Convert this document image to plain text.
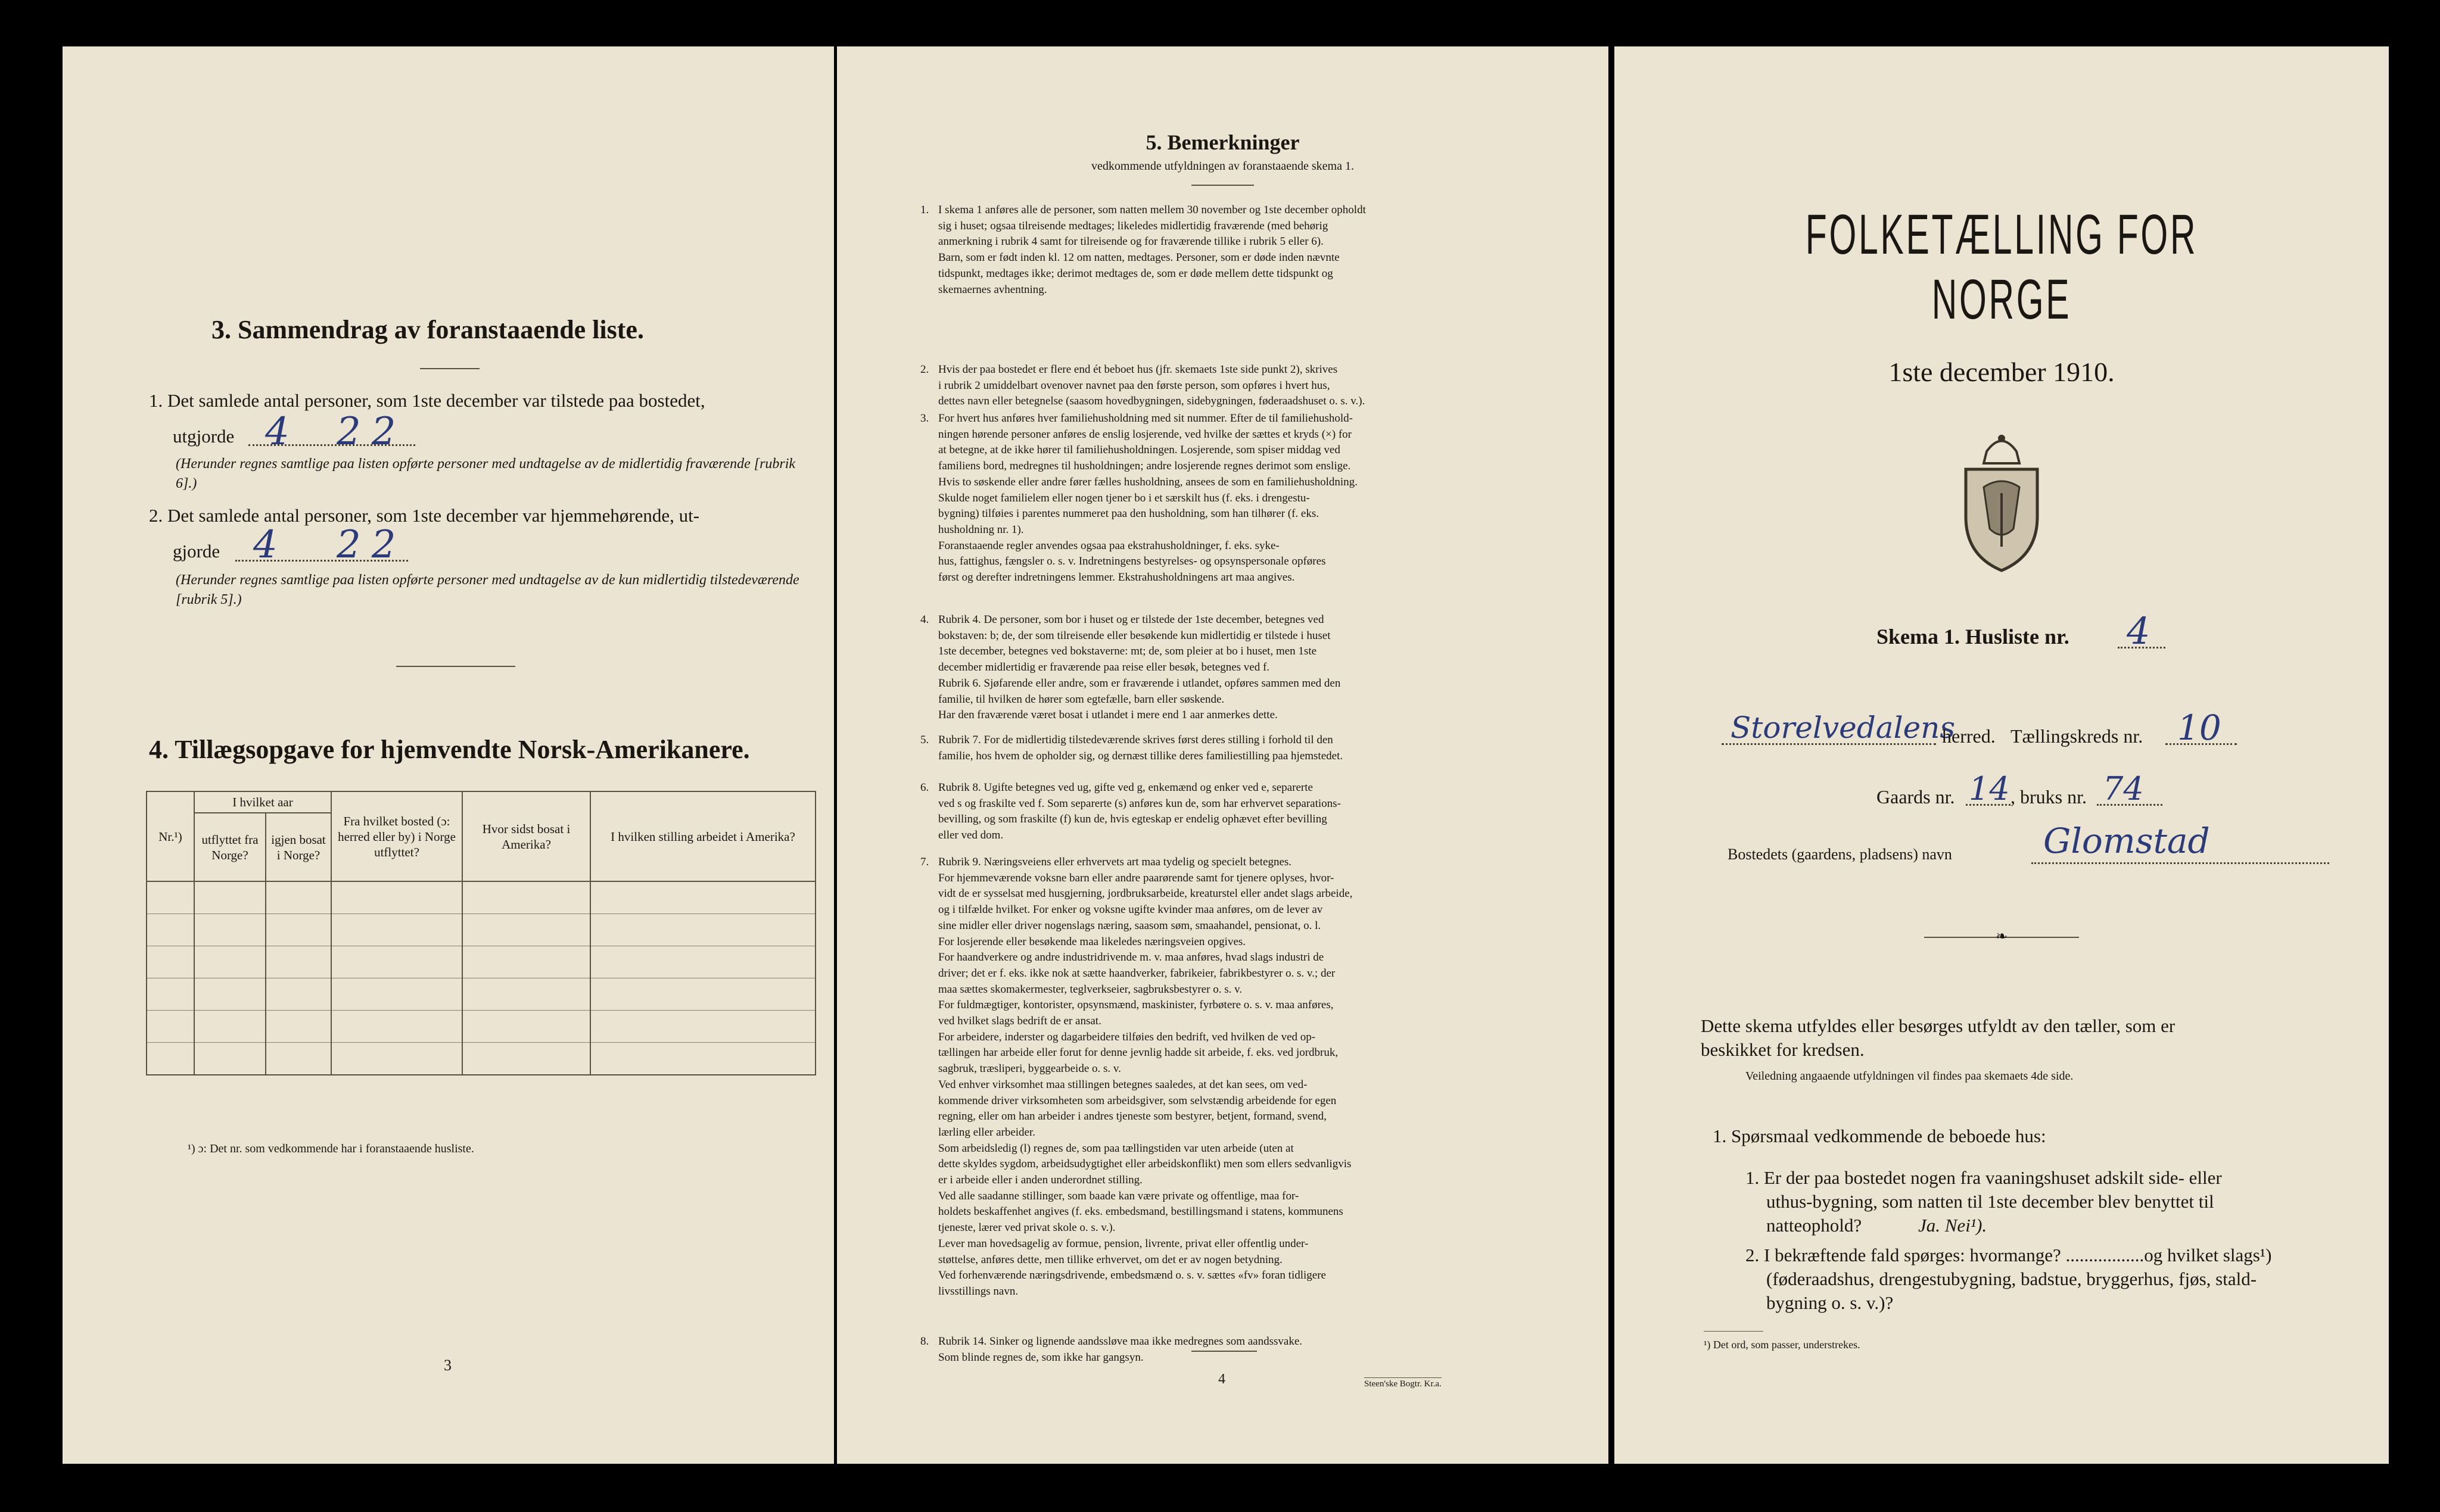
3. Sammendrag av foranstaaende liste.
1. Det samlede antal personer, som 1ste december var tilstede paa bostedet,
utgjorde 4 22
(Herunder regnes samtlige paa listen opførte personer med undtagelse av de midlertidig fraværende [rubrik 6].)
2. Det samlede antal personer, som 1ste december var hjemmehørende, ut-
gjorde 4 22
(Herunder regnes samtlige paa listen opførte personer med undtagelse av de kun midlertidig tilstedeværende [rubrik 5].)
4. Tillægsopgave for hjemvendte Norsk-Amerikanere.
Nr.¹)	I hvilket aar		Fra hvilket bosted (ɔ: herred eller by) i Norge utflyttet?	Hvor sidst bosat i Amerika?	I hvilken stilling arbeidet i Amerika?
	utflyttet fra Norge?	igjen bosat i Norge?			

¹) ɔ: Det nr. som vedkommende har i foranstaaende husliste.
3
5. Bemerkninger
vedkommende utfyldningen av foranstaaende skema 1.
1. I skema 1 anføres alle de personer, som natten mellem 30 november og 1ste december opholdt
sig i huset; ogsaa tilreisende medtages; likeledes midlertidig fraværende (med behørig
anmerkning i rubrik 4 samt for tilreisende og for fraværende tillike i rubrik 5 eller 6).
Barn, som er født inden kl. 12 om natten, medtages. Personer, som er døde inden nævnte
tidspunkt, medtages ikke; derimot medtages de, som er døde mellem dette tidspunkt og
skemaernes avhentning.
2. Hvis der paa bostedet er flere end ét beboet hus (jfr. skemaets 1ste side punkt 2), skrives
i rubrik 2 umiddelbart ovenover navnet paa den første person, som opføres i hvert hus,
dettes navn eller betegnelse (saasom hovedbygningen, sidebygningen, føderaadshuset o. s. v.).
3. For hvert hus anføres hver familiehusholdning med sit nummer. Efter de til familiehushold-
ningen hørende personer anføres de enslig losjerende, ved hvilke der sættes et kryds (×) for
at betegne, at de ikke hører til familiehusholdningen. Losjerende, som spiser middag ved
familiens bord, medregnes til husholdningen; andre losjerende regnes derimot som enslige.
Hvis to søskende eller andre fører fælles husholdning, ansees de som en familiehusholdning.
Skulde noget familielem eller nogen tjener bo i et særskilt hus (f. eks. i drengestu-
bygning) tilføies i parentes nummeret paa den husholdning, som han tilhører (f. eks.
husholdning nr. 1).
Foranstaaende regler anvendes ogsaa paa ekstrahusholdninger, f. eks. syke-
hus, fattighus, fængsler o. s. v. Indretningens bestyrelses- og opsynspersonale opføres
først og derefter indretningens lemmer. Ekstrahusholdningens art maa angives.
4. Rubrik 4. De personer, som bor i huset og er tilstede der 1ste december, betegnes ved
bokstaven: b; de, der som tilreisende eller besøkende kun midlertidig er tilstede i huset
1ste december, betegnes ved bokstaverne: mt; de, som pleier at bo i huset, men 1ste
december midlertidig er fraværende paa reise eller besøk, betegnes ved f.
Rubrik 6. Sjøfarende eller andre, som er fraværende i utlandet, opføres sammen med den
familie, til hvilken de hører som egtefælle, barn eller søskende.
Har den fraværende været bosat i utlandet i mere end 1 aar anmerkes dette.
5. Rubrik 7. For de midlertidig tilstedeværende skrives først deres stilling i forhold til den
familie, hos hvem de opholder sig, og dernæst tillike deres familiestilling paa hjemstedet.
6. Rubrik 8. Ugifte betegnes ved ug, gifte ved g, enkemænd og enker ved e, separerte
ved s og fraskilte ved f. Som separerte (s) anføres kun de, som har erhvervet separations-
bevilling, og som fraskilte (f) kun de, hvis egteskap er endelig ophævet efter bevilling
eller ved dom.
7. Rubrik 9. Næringsveiens eller erhvervets art maa tydelig og specielt betegnes.
For hjemmeværende voksne barn eller andre paarørende samt for tjenere oplyses, hvor-
vidt de er sysselsat med husgjerning, jordbruksarbeide, kreaturstel eller andet slags arbeide,
og i tilfælde hvilket. For enker og voksne ugifte kvinder maa anføres, om de lever av
sine midler eller driver nogenslags næring, saasom søm, smaahandel, pensionat, o. l.
For losjerende eller besøkende maa likeledes næringsveien opgives.
For haandverkere og andre industridrivende m. v. maa anføres, hvad slags industri de
driver; det er f. eks. ikke nok at sætte haandverker, fabrikeier, fabrikbestyrer o. s. v.; der
maa sættes skomakermester, teglverkseier, sagbruksbestyrer o. s. v.
For fuldmægtiger, kontorister, opsynsmænd, maskinister, fyrbøtere o. s. v. maa anføres,
ved hvilket slags bedrift de er ansat.
For arbeidere, inderster og dagarbeidere tilføies den bedrift, ved hvilken de ved op-
tællingen har arbeide eller forut for denne jevnlig hadde sit arbeide, f. eks. ved jordbruk,
sagbruk, træsliperi, byggearbeide o. s. v.
Ved enhver virksomhet maa stillingen betegnes saaledes, at det kan sees, om ved-
kommende driver virksomheten som arbeidsgiver, som selvstændig arbeidende for egen
regning, eller om han arbeider i andres tjeneste som bestyrer, betjent, formand, svend,
lærling eller arbeider.
Som arbeidsledig (l) regnes de, som paa tællingstiden var uten arbeide (uten at
dette skyldes sygdom, arbeidsudygtighet eller arbeidskonflikt) men som ellers sedvanligvis
er i arbeide eller i anden underordnet stilling.
Ved alle saadanne stillinger, som baade kan være private og offentlige, maa for-
holdets beskaffenhet angives (f. eks. embedsmand, bestillingsmand i statens, kommunens
tjeneste, lærer ved privat skole o. s. v.).
Lever man hovedsagelig av formue, pension, livrente, privat eller offentlig under-
støttelse, anføres dette, men tillike erhvervet, om det er av nogen betydning.
Ved forhenværende næringsdrivende, embedsmænd o. s. v. sættes «fv» foran tidligere
livsstillings navn.
8. Rubrik 14. Sinker og lignende aandssløve maa ikke medregnes som aandssvake.
Som blinde regnes de, som ikke har gangsyn.
4	Steen'ske Bogtr. Kr.a.
FOLKETÆLLING FOR NORGE
1ste december 1910.
Skema 1. Husliste nr. 4
Storelvedalens
herred. Tællingskreds nr. 10
Gaards nr. 14 , bruks nr. 74
Bostedets (gaardens, pladsens) navn	Glomstad
❧
Dette skema utfyldes eller besørges utfyldt av den tæller, som er
beskikket for kredsen.
Veiledning angaaende utfyldningen vil findes paa skemaets 4de side.
1. Spørsmaal vedkommende de beboede hus:
1. Er der paa bostedet nogen fra vaaningshuset adskilt side- eller
uthus-bygning, som natten til 1ste december blev benyttet til
natteophold?	Ja. Nei¹).
2. I bekræftende fald spørges: hvormange? .................og hvilket slags¹)
(føderaadshus, drengestubygning, badstue, bryggerhus, fjøs, stald-
bygning o. s. v.)?
¹) Det ord, som passer, understrekes.
